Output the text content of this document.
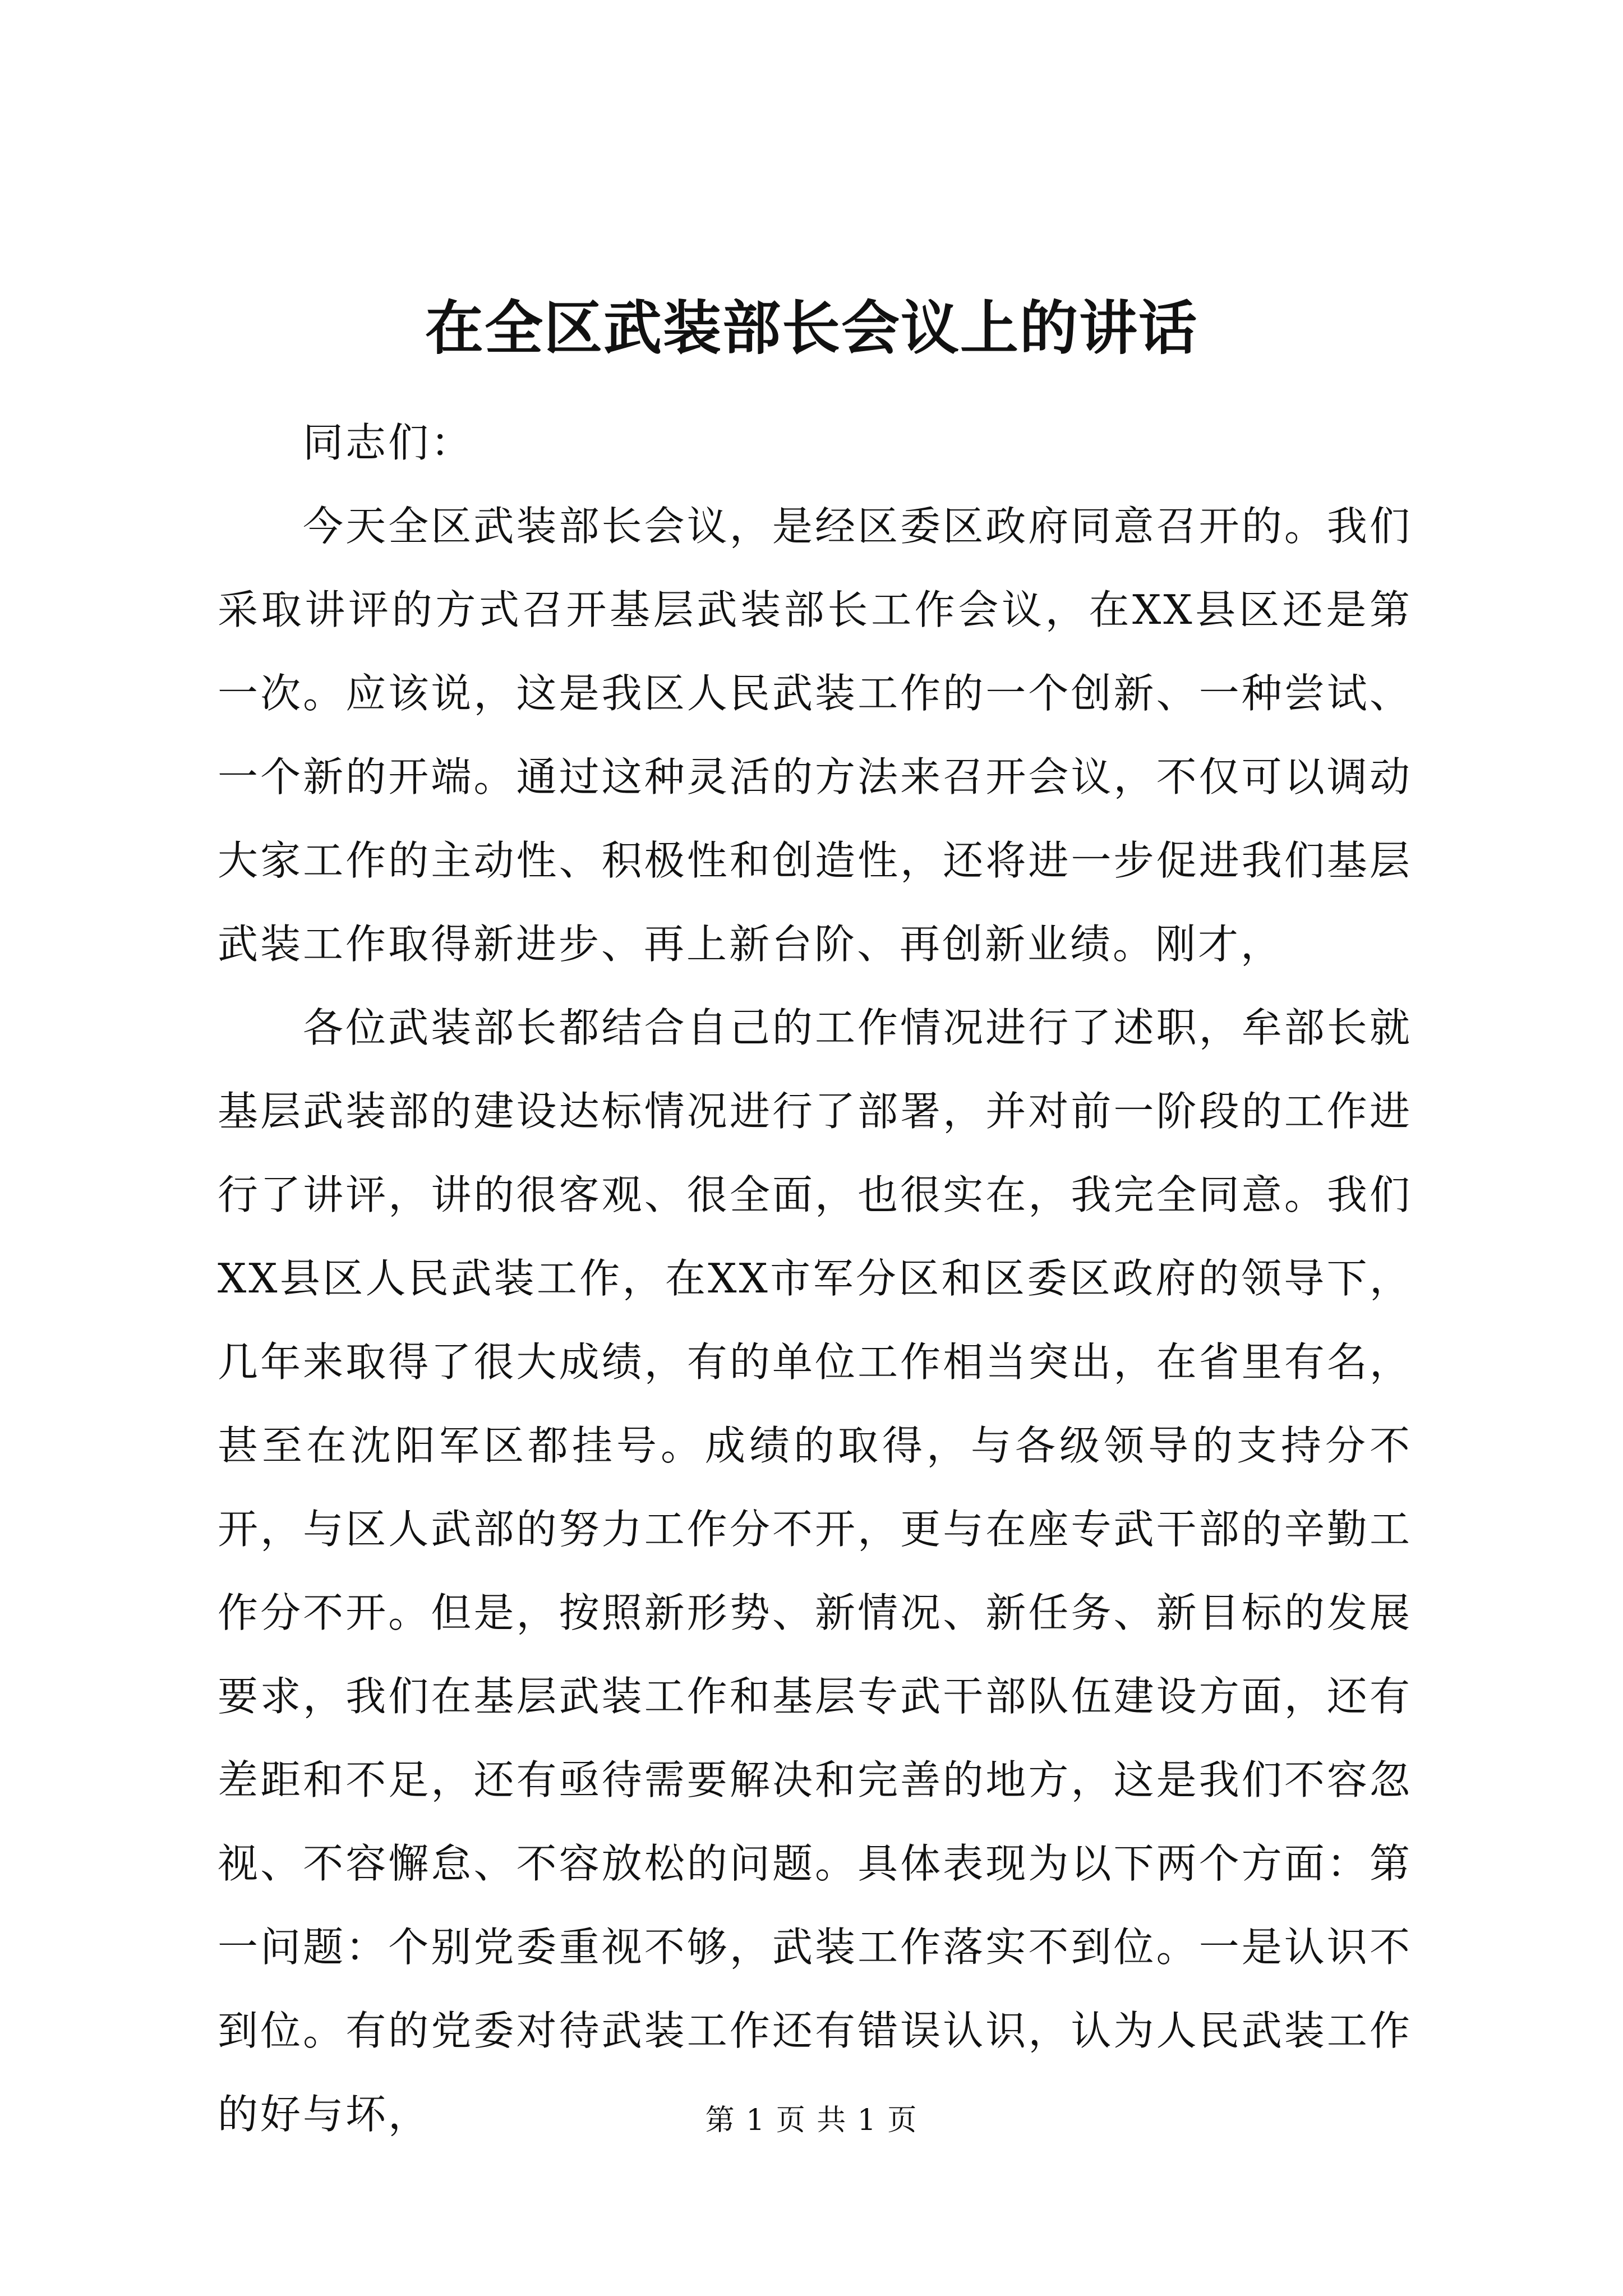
在全区武装部长会议上的讲话

同志们：

今天全区武装部长会议，是经区委区政府同意召开的。我们采取讲评的方式召开基层武装部长工作会议，在XX县区还是第一次。应该说，这是我区人民武装工作的一个创新、一种尝试、一个新的开端。通过这种灵活的方法来召开会议，不仅可以调动大家工作的主动性、积极性和创造性，还将进一步促进我们基层武装工作取得新进步、再上新台阶、再创新业绩。刚才，

各位武装部长都结合自己的工作情况进行了述职，牟部长就基层武装部的建设达标情况进行了部署，并对前一阶段的工作进行了讲评，讲的很客观、很全面，也很实在，我完全同意。我们XX县区人民武装工作，在XX市军分区和区委区政府的领导下，几年来取得了很大成绩，有的单位工作相当突出，在省里有名，甚至在沈阳军区都挂号。成绩的取得，与各级领导的支持分不开，与区人武部的努力工作分不开，更与在座专武干部的辛勤工作分不开。但是，按照新形势、新情况、新任务、新目标的发展要求，我们在基层武装工作和基层专武干部队伍建设方面，还有差距和不足，还有亟待需要解决和完善的地方，这是我们不容忽视、不容懈怠、不容放松的问题。具体表现为以下两个方面：第一问题：个别党委重视不够，武装工作落实不到位。一是认识不到位。有的党委对待武装工作还有错误认识，认为人民武装工作的好与坏，	第 1 页 共 1 页
